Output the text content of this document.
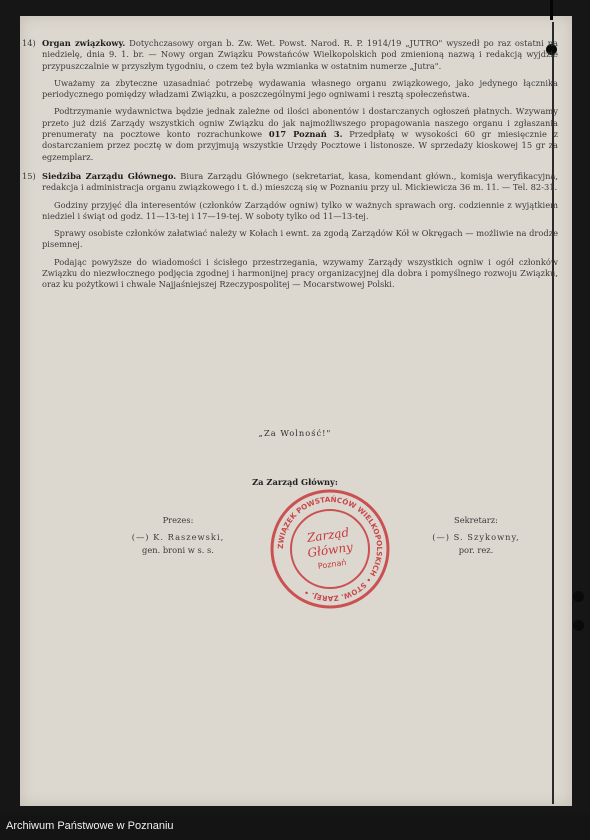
14) Organ związkowy. Dotychczasowy organ b. Zw. Wet. Powst. Narod. R. P. 1914/19 „JUTRO" wyszedł po raz ostatni na niedzielę, dnia 9. 1. br. — Nowy organ Związku Powstańców Wielkopolskich pod zmienioną nazwą i redakcją wyjdzie przypuszczalnie w przyszłym tygodniu, o czem też była wzmianka w ostatnim numerze „Jutra".

Uważamy za zbyteczne uzasadniać potrzebę wydawania własnego organu związkowego, jako jedynego łącznika periodycznego pomiędzy władzami Związku, a poszczególnymi jego ogniwami i resztą społeczeństwa.

Podtrzymanie wydawnictwa będzie jednak zależne od ilości abonentów i dostarczanych ogłoszeń płatnych. Wzywamy przeto już dziś Zarządy wszystkich ogniw Związku do jak najmożliwszego propagowania naszego organu i zgłaszania prenumeraty na pocztowe konto rozrachunkowe 017 Poznań 3. Przedpłatę w wysokości 60 gr miesięcznie z dostarczaniem przez pocztę w dom przyjmują wszystkie Urzędy Pocztowe i listonosze. W sprzedaży kioskowej 15 gr za egzemplarz.

15) Siedziba Zarządu Głównego. Biura Zarządu Głównego (sekretariat, kasa, komendant główn., komisja weryfikacyjna, redakcja i administracja organu związkowego i t. d.) mieszczą się w Poznaniu przy ul. Mickiewicza 36 m. 11. — Tel. 82-31.

Godziny przyjęć dla interesentów (członków Zarządów ogniw) tylko w ważnych sprawach org. codziennie z wyjątkiem niedziel i świąt od godz. 11—13-tej i 17—19-tej. W soboty tylko od 11—13-tej.

Sprawy osobiste członków załatwiać należy w Kołach i ewnt. za zgodą Zarządów Kół w Okręgach — możliwie na drodze pisemnej.

Podając powyższe do wiadomości i ścisłego przestrzegania, wzywamy Zarządy wszystkich ogniw i ogół członków Związku do niezwłocznego podjęcia zgodnej i harmonijnej pracy organizacyjnej dla dobra i pomyślnego rozwoju Związku, oraz ku pożytkowi i chwale Najjaśniejszej Rzeczypospolitej — Mocarstwowej Polski.

„Za Wolność!"
Za Zarząd Główny:
Prezes:
(—) K. Raszewski,
gen. broni w s. s.
Sekretarz:
(—) S. Szykowny,
por. rez.
ZWIĄZEK POWSTAŃCÓW WIELKOPOLSKICH • STOW. ZAREJ. •
Zarząd
Główny
Poznań
Archiwum Państwowe w Poznaniu
